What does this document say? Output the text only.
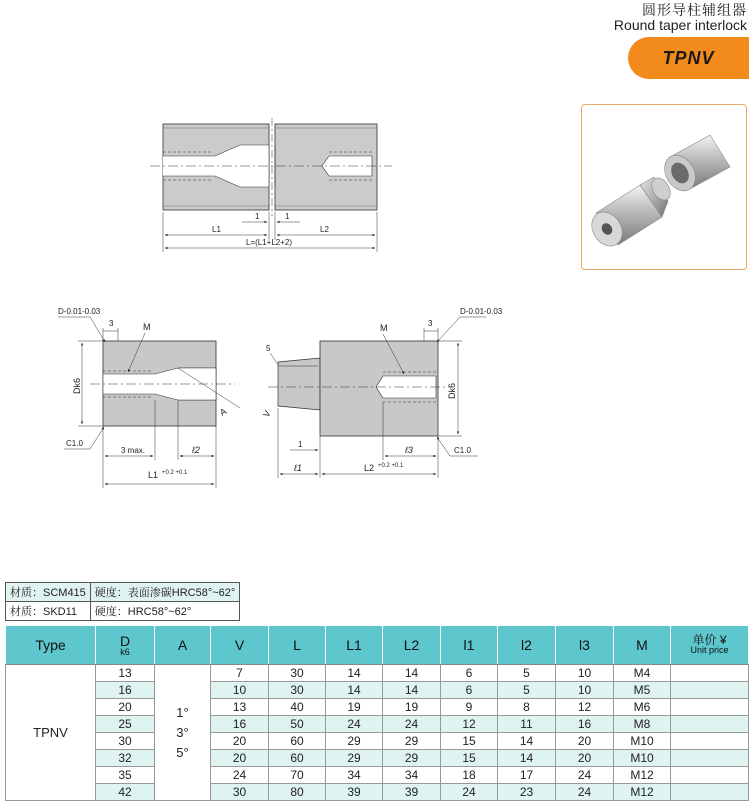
圆形导柱辅组器
Round taper interlock
TPNV
1	1
L1	L2
L=(L1+L2+2)
3
D-0.01-0.03
M
Dk6
A
C1.0
3 max.	ℓ2
L1 +0.2 +0.1
3
D-0.01-0.03
M
5
V
Dk6
C1.0
1
ℓ3
ℓ1	L2 +0.2 +0.1
材质：SCM415	硬度：表面渗碳HRC58°~62°
材质：SKD11	硬度：HRC58°~62°
Type	D
k6	A	V	L	L1	L2	l1	l2	l3	M	单价 ¥
Unit price

TPNV	13	1°
3°
5°	7	30	14	14	6	5	10	M4	
	16		10	30	14	14	6	5	10	M5	
	20		13	40	19	19	9	8	12	M6	
	25		16	50	24	24	12	11	16	M8	
	30		20	60	29	29	15	14	20	M10	
	32		20	60	29	29	15	14	20	M10	
	35		24	70	34	34	18	17	24	M12	
	42		30	80	39	39	24	23	24	M12	
